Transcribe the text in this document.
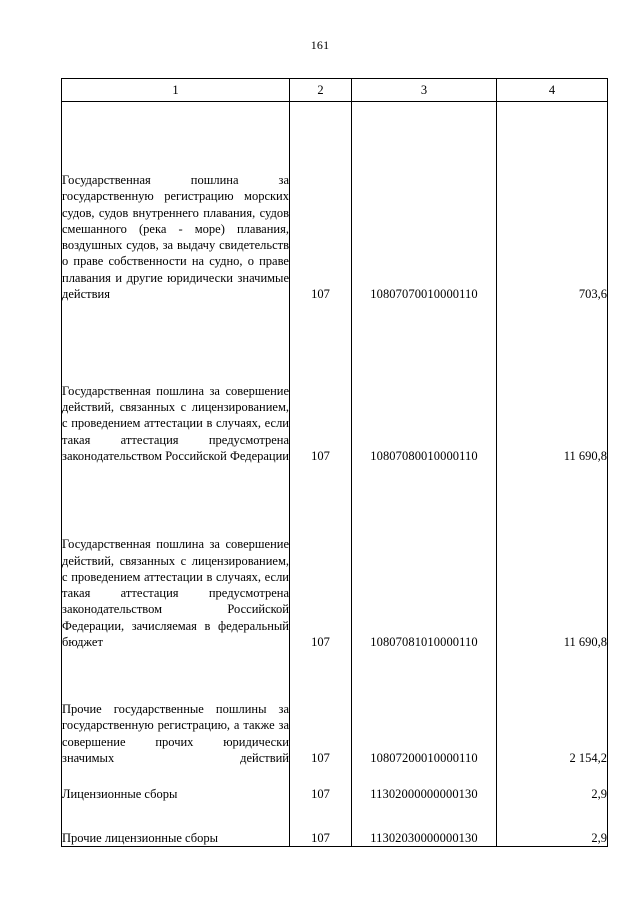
161
1	2	3	4
Государственная пошлина за государственную регистрацию морских судов, судов внутреннего плавания, судов смешанного (река - море) плавания, воздушных судов, за выдачу свидетельств о праве собственности на судно, о праве плавания и другие юридически значимые действия	107	10807070010000110	703,6

Государственная пошлина за совершение действий, связанных с лицензированием, с проведением аттестации в случаях, если такая аттестация предусмотрена законодательством Российской Федерации	107	10807080010000110	11 690,8

Государственная пошлина за совершение действий, связанных с лицензированием, с проведением аттестации в случаях, если такая аттестация предусмотрена законодательством Российской Федерации, зачисляемая в федеральный бюджет	107	10807081010000110	11 690,8

Прочие государственные пошлины за государственную регистрацию, а также за совершение прочих юридически значимых действий	107	10807200010000110	2 154,2

Лицензионные сборы	107	11302000000000130	2,9

Прочие лицензионные сборы	107	11302030000000130	2,9
